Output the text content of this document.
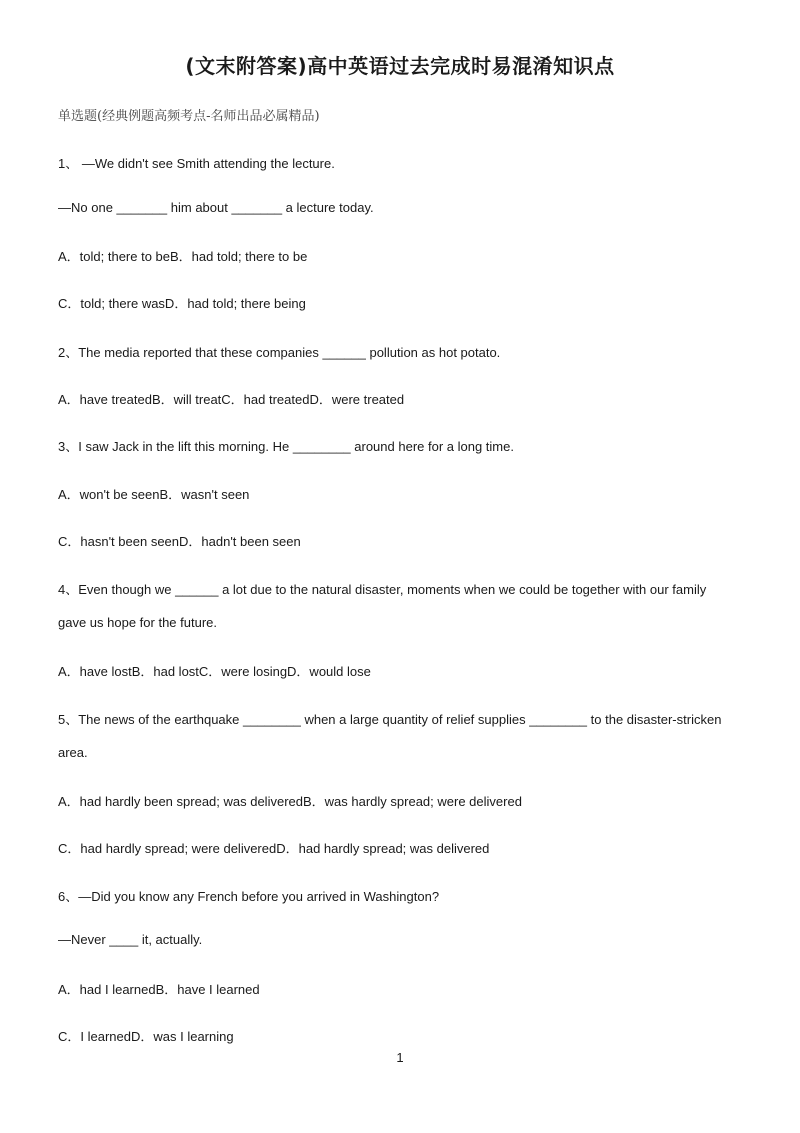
(文末附答案)高中英语过去完成时易混淆知识点
单选题(经典例题高频考点-名师出品必属精品)
1、 —We didn't see Smith attending the lecture.
—No one _______ him about _______ a lecture today.
A．told; there to beB．had told; there to be
C．told; there wasD．had told; there being
2、The media reported that these companies ______ pollution as hot potato.
A．have treatedB．will treatC．had treatedD．were treated
3、I saw Jack in the lift this morning. He ________ around here for a long time.
A．won't be seenB．wasn't seen
C．hasn't been seenD．hadn't been seen
4、Even though we ______ a lot due to the natural disaster, moments when we could be together with our family
gave us hope for the future.
A．have lostB．had lostC．were losingD．would lose
5、The news of the earthquake ________ when a large quantity of relief supplies ________ to the disaster-stricken
area.
A．had hardly been spread; was deliveredB．was hardly spread; were delivered
C．had hardly spread; were deliveredD．had hardly spread; was delivered
6、—Did you know any French before you arrived in Washington?
—Never ____ it, actually.
A．had I learnedB．have I learned
C．I learnedD．was I learning
1
